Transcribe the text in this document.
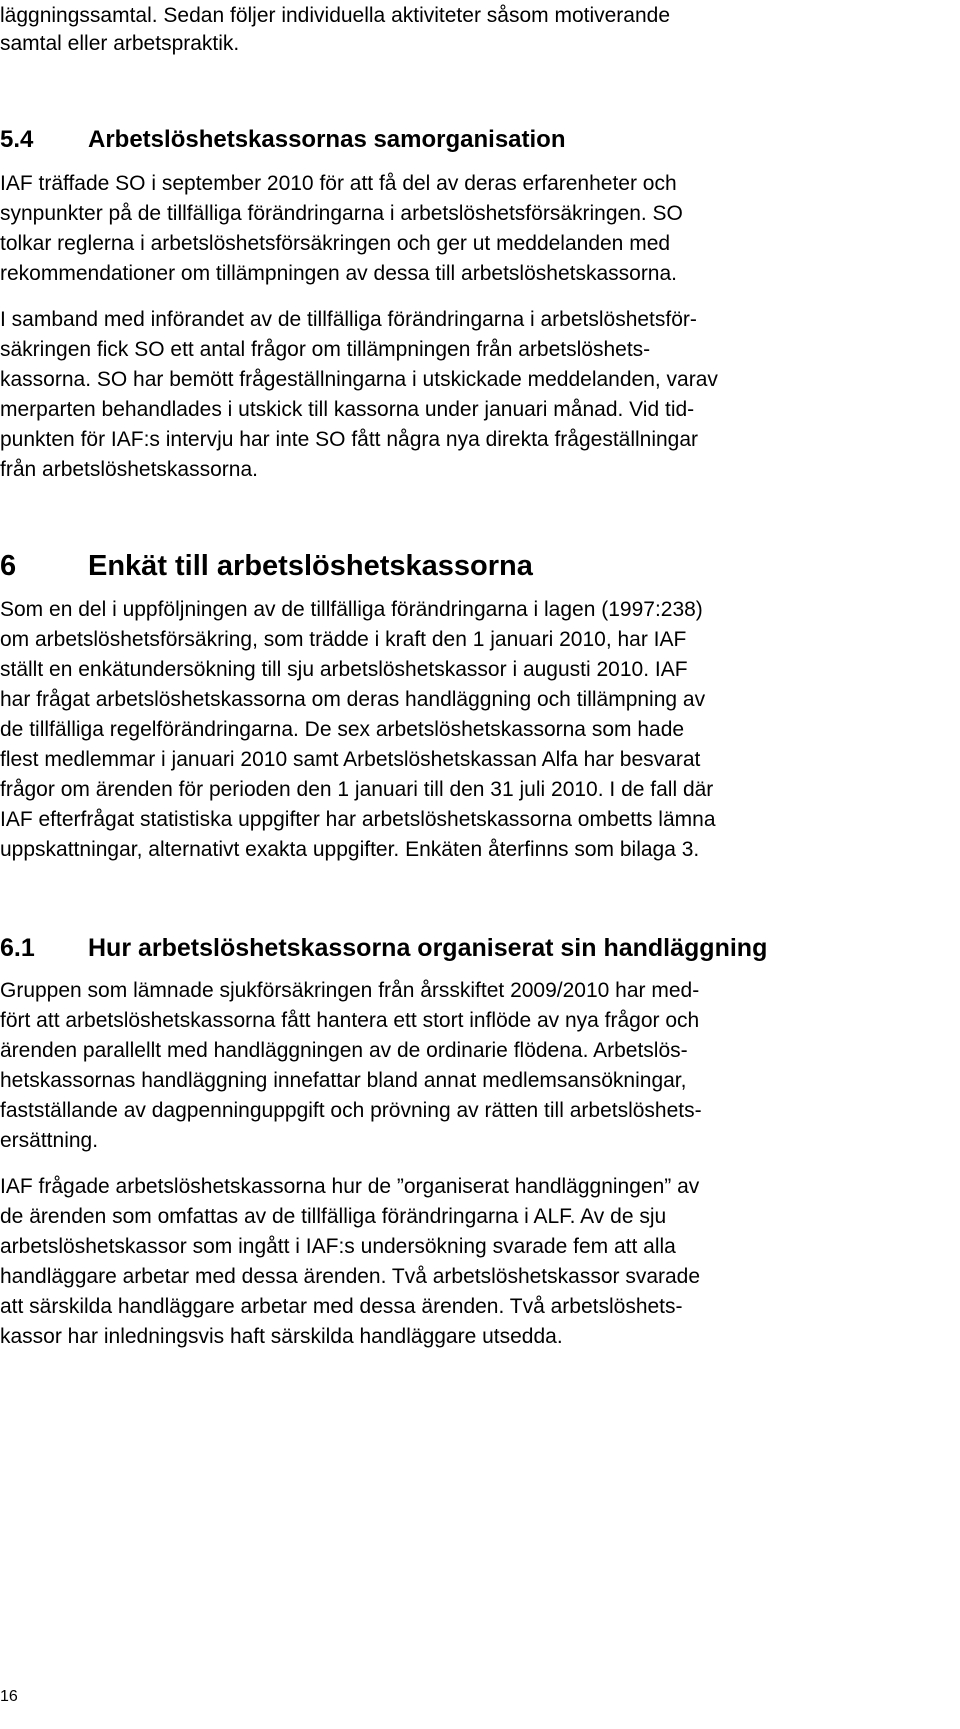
läggningssamtal. Sedan följer individuella aktiviteter såsom motiverande
samtal eller arbetspraktik.
5.4 Arbetslöshetskassornas samorganisation
IAF träffade SO i september 2010 för att få del av deras erfarenheter och
synpunkter på de tillfälliga förändringarna i arbetslöshetsförsäkringen. SO
tolkar reglerna i arbetslöshetsförsäkringen och ger ut meddelanden med
rekommendationer om tillämpningen av dessa till arbetslöshetskassorna.
I samband med införandet av de tillfälliga förändringarna i arbetslöshetsför-
säkringen fick SO ett antal frågor om tillämpningen från arbetslöshets-
kassorna. SO har bemött frågeställningarna i utskickade meddelanden, varav
merparten behandlades i utskick till kassorna under januari månad. Vid tid-
punkten för IAF:s intervju har inte SO fått några nya direkta frågeställningar
från arbetslöshetskassorna.
6 Enkät till arbetslöshetskassorna
Som en del i uppföljningen av de tillfälliga förändringarna i lagen (1997:238)
om arbetslöshetsförsäkring, som trädde i kraft den 1 januari 2010, har IAF
ställt en enkätundersökning till sju arbetslöshetskassor i augusti 2010. IAF
har frågat arbetslöshetskassorna om deras handläggning och tillämpning av
de tillfälliga regelförändringarna. De sex arbetslöshetskassorna som hade
flest medlemmar i januari 2010 samt Arbetslöshetskassan Alfa har besvarat
frågor om ärenden för perioden den 1 januari till den 31 juli 2010. I de fall där
IAF efterfrågat statistiska uppgifter har arbetslöshetskassorna ombetts lämna
uppskattningar, alternativt exakta uppgifter. Enkäten återfinns som bilaga 3.
6.1 Hur arbetslöshetskassorna organiserat sin handläggning
Gruppen som lämnade sjukförsäkringen från årsskiftet 2009/2010 har med-
fört att arbetslöshetskassorna fått hantera ett stort inflöde av nya frågor och
ärenden parallellt med handläggningen av de ordinarie flödena. Arbetslös-
hetskassornas handläggning innefattar bland annat medlemsansökningar,
fastställande av dagpenninguppgift och prövning av rätten till arbetslöshets-
ersättning.
IAF frågade arbetslöshetskassorna hur de ”organiserat handläggningen” av
de ärenden som omfattas av de tillfälliga förändringarna i ALF. Av de sju
arbetslöshetskassor som ingått i IAF:s undersökning svarade fem att alla
handläggare arbetar med dessa ärenden. Två arbetslöshetskassor svarade
att särskilda handläggare arbetar med dessa ärenden. Två arbetslöshets-
kassor har inledningsvis haft särskilda handläggare utsedda.
16
